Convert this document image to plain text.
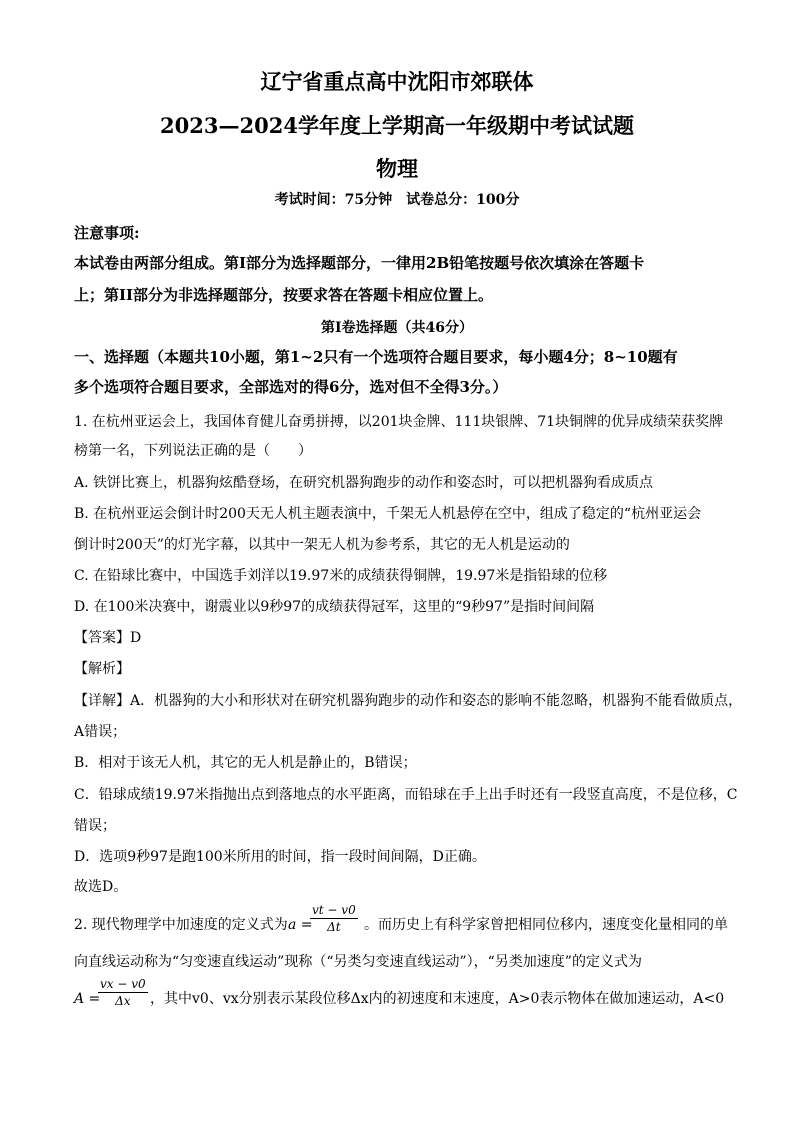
辽宁省重点高中沈阳市郊联体
2023—2024学年度上学期高一年级期中考试试题
物理
考试时间：75分钟　试卷总分：100分
注意事项:
本试卷由两部分组成。第I部分为选择题部分，一律用2B铅笔按题号依次填涂在答题卡
上；第II部分为非选择题部分，按要求答在答题卡相应位置上。
第I卷选择题（共46分）
一、选择题（本题共10小题，第1~2只有一个选项符合题目要求，每小题4分；8~10题有
多个选项符合题目要求，全部选对的得6分，选对但不全得3分。）
1. 在杭州亚运会上，我国体育健儿奋勇拼搏，以201块金牌、111块银牌、71块铜牌的优异成绩荣获奖牌
榜第一名，下列说法正确的是（　　）
A. 铁饼比赛上，机器狗炫酷登场，在研究机器狗跑步的动作和姿态时，可以把机器狗看成质点
B. 在杭州亚运会倒计时200天无人机主题表演中，千架无人机悬停在空中，组成了稳定的“杭州亚运会
倒计时200天”的灯光字幕，以其中一架无人机为参考系，其它的无人机是运动的
C. 在铅球比赛中，中国选手刘洋以19.97米的成绩获得铜牌，19.97米是指铅球的位移
D. 在100米决赛中，谢震业以9秒97的成绩获得冠军，这里的“9秒97”是指时间间隔
【答案】D
【解析】
【详解】A．机器狗的大小和形状对在研究机器狗跑步的动作和姿态的影响不能忽略，机器狗不能看做质点，
A错误；
B．相对于该无人机，其它的无人机是静止的，B错误；
C．铅球成绩19.97米指抛出点到落地点的水平距离，而铅球在手上出手时还有一段竖直高度，不是位移，C
错误；
D．选项9秒97是跑100米所用的时间，指一段时间间隔，D正确。
故选D。
2. 现代物理学中加速度的定义式为 a =
$\frac{vt - v0}{\Delta t}$ 。而历史上有科学家曾把相同位移内，速度变化量相同的单
向直线运动称为“匀变速直线运动”现称（“另类匀变速直线运动”），“另类加速度”的定义式为
A =
$\frac{vx - v0}{\Delta x}$ ，其中v0、vx分别表示某段位移Δx内的初速度和末速度，A>0表示物体在做加速运动，A<0
